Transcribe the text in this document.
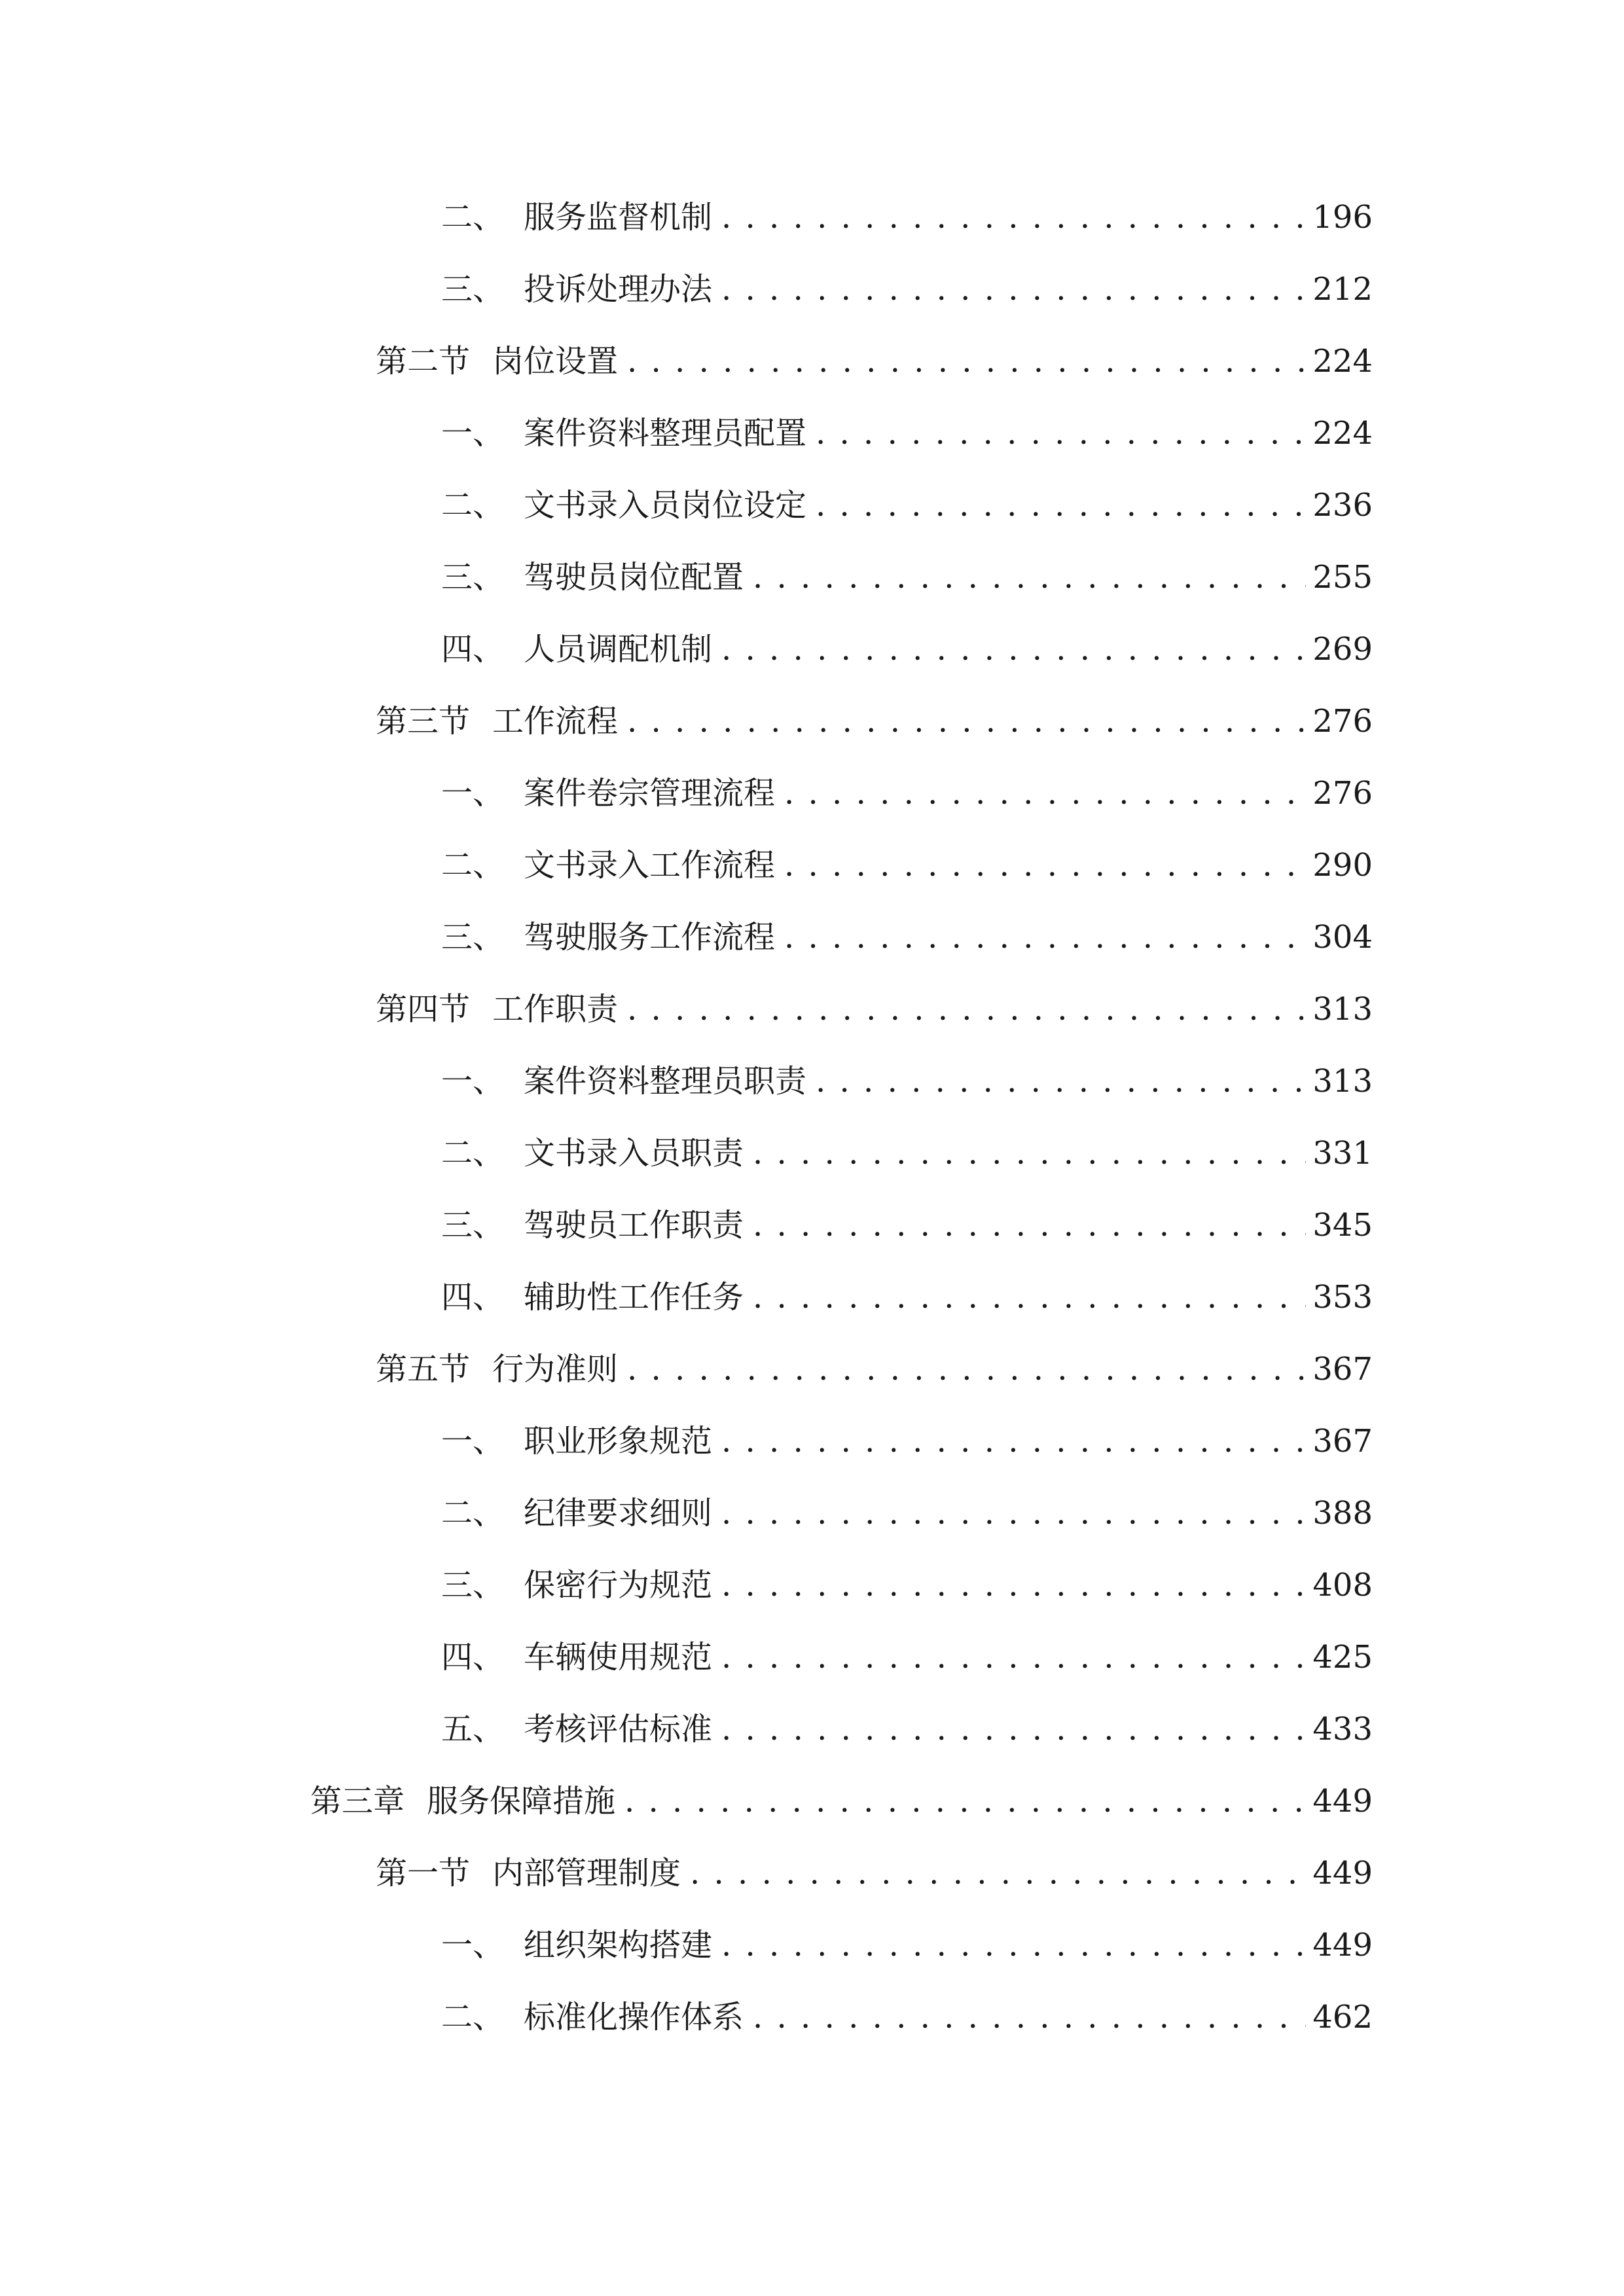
二、 服务监督机制 . . .	196
三、 投诉处理办法 . . .	212
第二节 岗位设置 . . .	224
一、 案件资料整理员配置 . . .	224
二、 文书录入员岗位设定 . . .	236
三、 驾驶员岗位配置 . . .	255
四、 人员调配机制 . . .	269
第三节 工作流程 . . .	276
一、 案件卷宗管理流程 . . .	276
二、 文书录入工作流程 . . .	290
三、 驾驶服务工作流程 . . .	304
第四节 工作职责 . . .	313
一、 案件资料整理员职责 . . .	313
二、 文书录入员职责 . . .	331
三、 驾驶员工作职责 . . .	345
四、 辅助性工作任务 . . .	353
第五节 行为准则 . . .	367
一、 职业形象规范 . . .	367
二、 纪律要求细则 . . .	388
三、 保密行为规范 . . .	408
四、 车辆使用规范 . . .	425
五、 考核评估标准 . . .	433
第三章 服务保障措施 . . .	449
第一节 内部管理制度 . . .	449
一、 组织架构搭建 . . .	449
二、 标准化操作体系 . . .	462
